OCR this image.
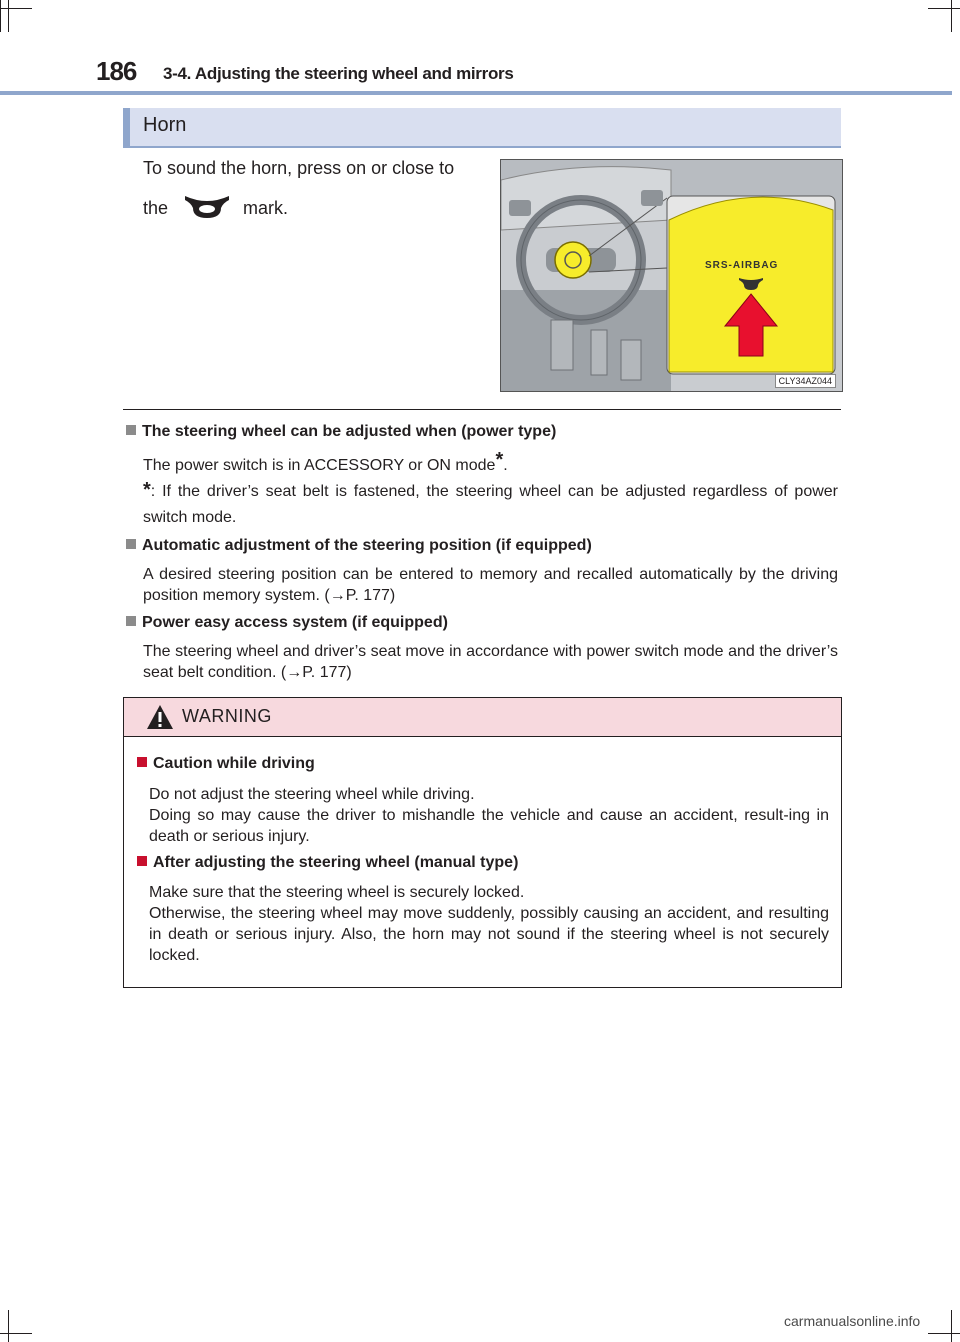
186 3-4. Adjusting the steering wheel and mirrors
Horn
To sound the horn, press on or close to
the	mark.
SRS-AIRBAG
CLY34AZ044
The steering wheel can be adjusted when (power type)
The power switch is in ACCESSORY or ON mode*.
*: If the driver’s seat belt is fastened, the steering wheel can be adjusted regardless of power switch mode.
Automatic adjustment of the steering position (if equipped)
A desired steering position can be entered to memory and recalled automatically by the driving position memory system. (→P. 177)
Power easy access system (if equipped)
The steering wheel and driver’s seat move in accordance with power switch mode and the driver’s seat belt condition. (→P. 177)
WARNING
Caution while driving
Do not adjust the steering wheel while driving.
Doing so may cause the driver to mishandle the vehicle and cause an accident, result-ing in death or serious injury.
After adjusting the steering wheel (manual type)
Make sure that the steering wheel is securely locked.
Otherwise, the steering wheel may move suddenly, possibly causing an accident, and resulting in death or serious injury. Also, the horn may not sound if the steering wheel is not securely locked.
carmanualsonline.info
